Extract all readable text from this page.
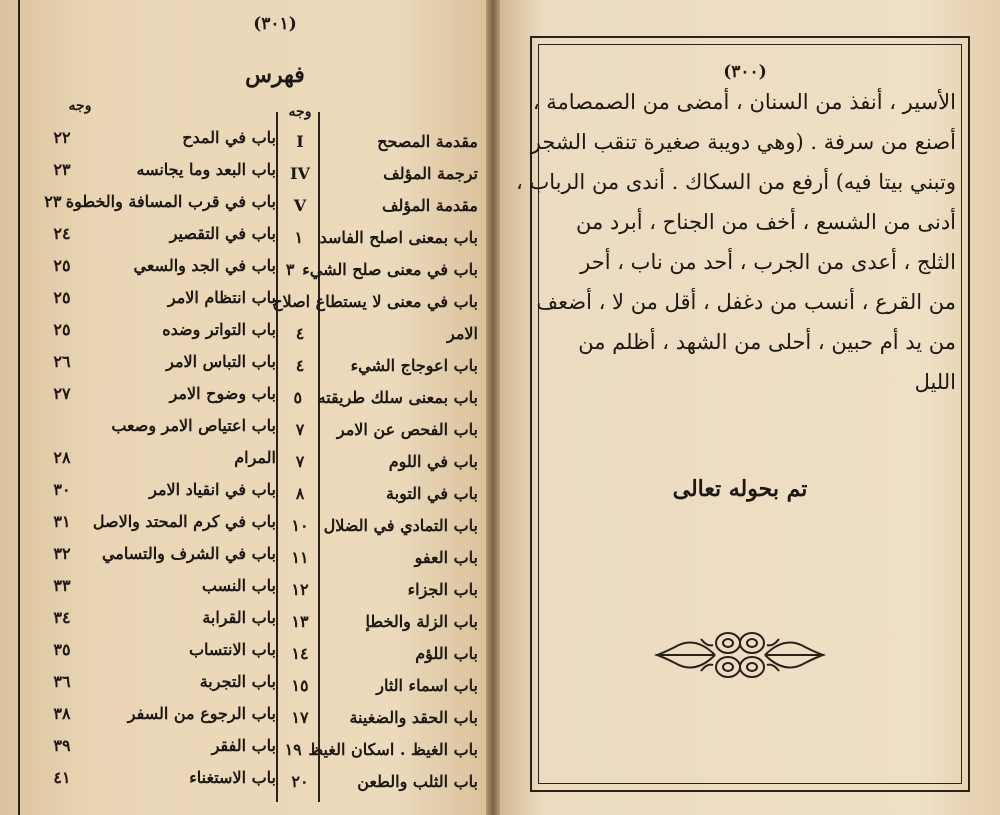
(٣٠١)
فهرس
وجه
وجه
مقدمة المصحح
I
ترجمة المؤلف
IV
مقدمة المؤلف
V
باب بمعنى اصلح الفاسد
١
باب في معنى صلح الشيء
٣
باب في معنى لا يستطاع اصلاح
الامر
٤
باب اعوجاج الشيء
٤
باب بمعنى سلك طريقته
٥
باب الفحص عن الامر
٧
باب في اللوم
٧
باب في التوبة
٨
باب التمادي في الضلال
١٠
باب العفو
١١
باب الجزاء
١٢
باب الزلة والخطإ
١٣
باب اللؤم
١٤
باب اسماء الثار
١٥
باب الحقد والضغينة
١٧
باب الغيظ . اسكان الغيظ
١٩
باب الثلب والطعن
٢٠
باب في المدح
٢٢
باب البعد وما يجانسه
٢٣
باب في قرب المسافة والخطوة
٢٣
باب في التقصير
٢٤
باب في الجد والسعي
٢٥
باب انتظام الامر
٢٥
باب التواتر وضده
٢٥
باب التباس الامر
٢٦
باب وضوح الامر
٢٧
باب اعتياص الامر وصعب
المرام
٢٨
باب في انقياد الامر
٣٠
باب في كرم المحتد والاصل
٣١
باب في الشرف والتسامي
٣٢
باب النسب
٣٣
باب القرابة
٣٤
باب الانتساب
٣٥
باب التجربة
٣٦
باب الرجوع من السفر
٣٨
باب الفقر
٣٩
باب الاستغناء
٤١
(٣٠٠)
الأسير ، أنفذ من السنان ، أمضى من الصمصامة ،
أصنع من سرفة . (وهي دويبة صغيرة تنقب الشجر
وتبني بيتا فيه) أرفع من السكاك . أندى من الرباب ،
أدنى من الشسع ، أخف من الجناح ، أبرد من
الثلج ، أعدى من الجرب ، أحد من ناب ، أحر
من القرع ، أنسب من دغفل ، أقل من لا ، أضعف
من يد أم حبين ، أحلى من الشهد ، أظلم من
الليل
تم بحوله تعالى
